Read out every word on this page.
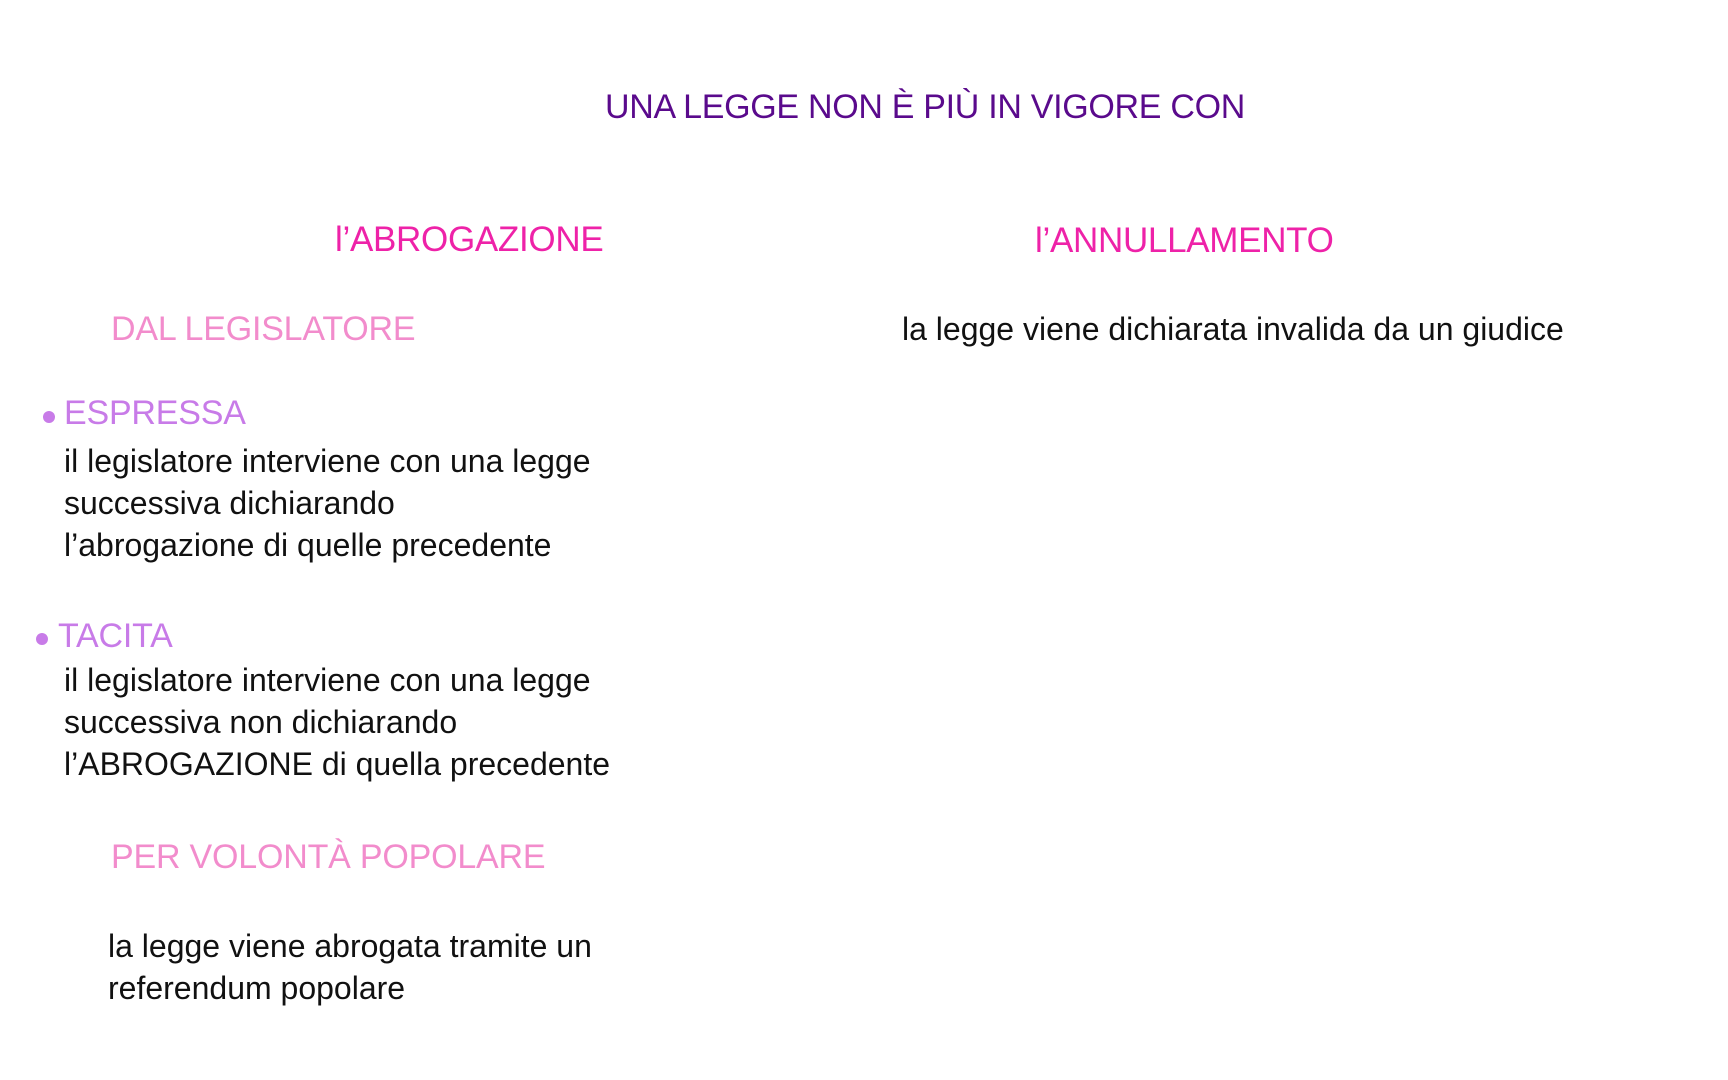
UNA LEGGE NON È PIÙ IN VIGORE CON
l’ABROGAZIONE
DAL LEGISLATORE
ESPRESSA
il legislatore interviene con una legge
successiva dichiarando
l’abrogazione di quelle precedente
TACITA
il legislatore interviene con una legge
successiva non dichiarando
l’ABROGAZIONE di quella precedente
PER VOLONTÀ POPOLARE
la legge viene abrogata tramite un
referendum popolare
l’ANNULLAMENTO
la legge viene dichiarata invalida da un giudice
